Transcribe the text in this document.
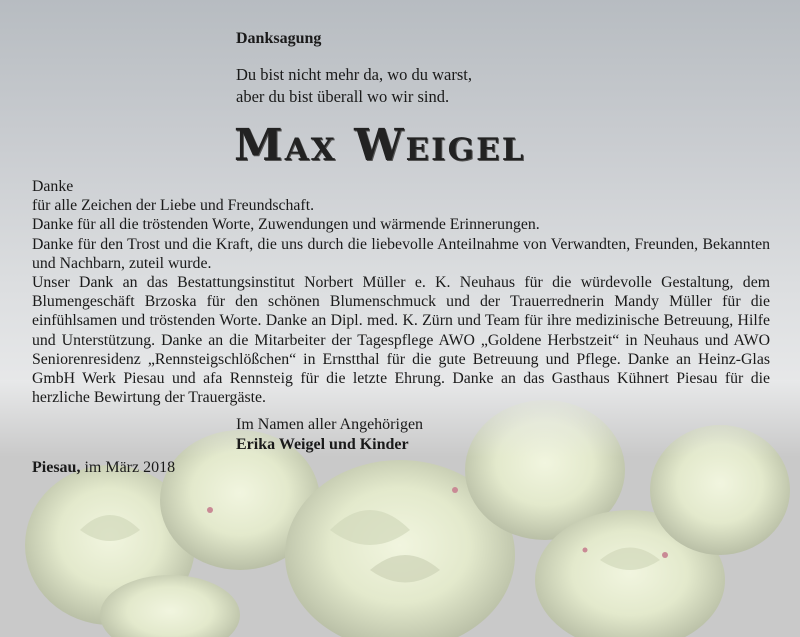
Danksagung
Du bist nicht mehr da, wo du warst,
aber du bist überall wo wir sind.
Max Weigel

Danke

für alle Zeichen der Liebe und Freundschaft.

Danke für all die tröstenden Worte, Zuwendungen und wärmende Erinnerungen.

Danke für den Trost und die Kraft, die uns durch die liebevolle Anteilnahme von Verwandten, Freunden, Bekannten und Nachbarn, zuteil wurde.

Unser Dank an das Bestattungsinstitut Norbert Müller e. K. Neuhaus für die würdevolle Gestaltung, dem Blumengeschäft Brzoska für den schönen Blumenschmuck und der Trauerrednerin Mandy Müller für die einfühlsamen und tröstenden Worte. Danke an Dipl. med. K. Zürn und Team für ihre medizinische Betreuung, Hilfe und Unterstützung. Danke an die Mitarbeiter der Tagespflege AWO „Goldene Herbstzeit“ in Neuhaus und AWO Seniorenresidenz „Rennsteigschlößchen“ in Ernstthal für die gute Betreuung und Pflege. Danke an Heinz-Glas GmbH Werk Piesau und afa Rennsteig für die letzte Ehrung. Danke an das Gasthaus Kühnert Piesau für die herzliche Bewirtung der Trauergäste.

Im Namen aller Angehörigen
Erika Weigel und Kinder
Piesau, im März 2018
